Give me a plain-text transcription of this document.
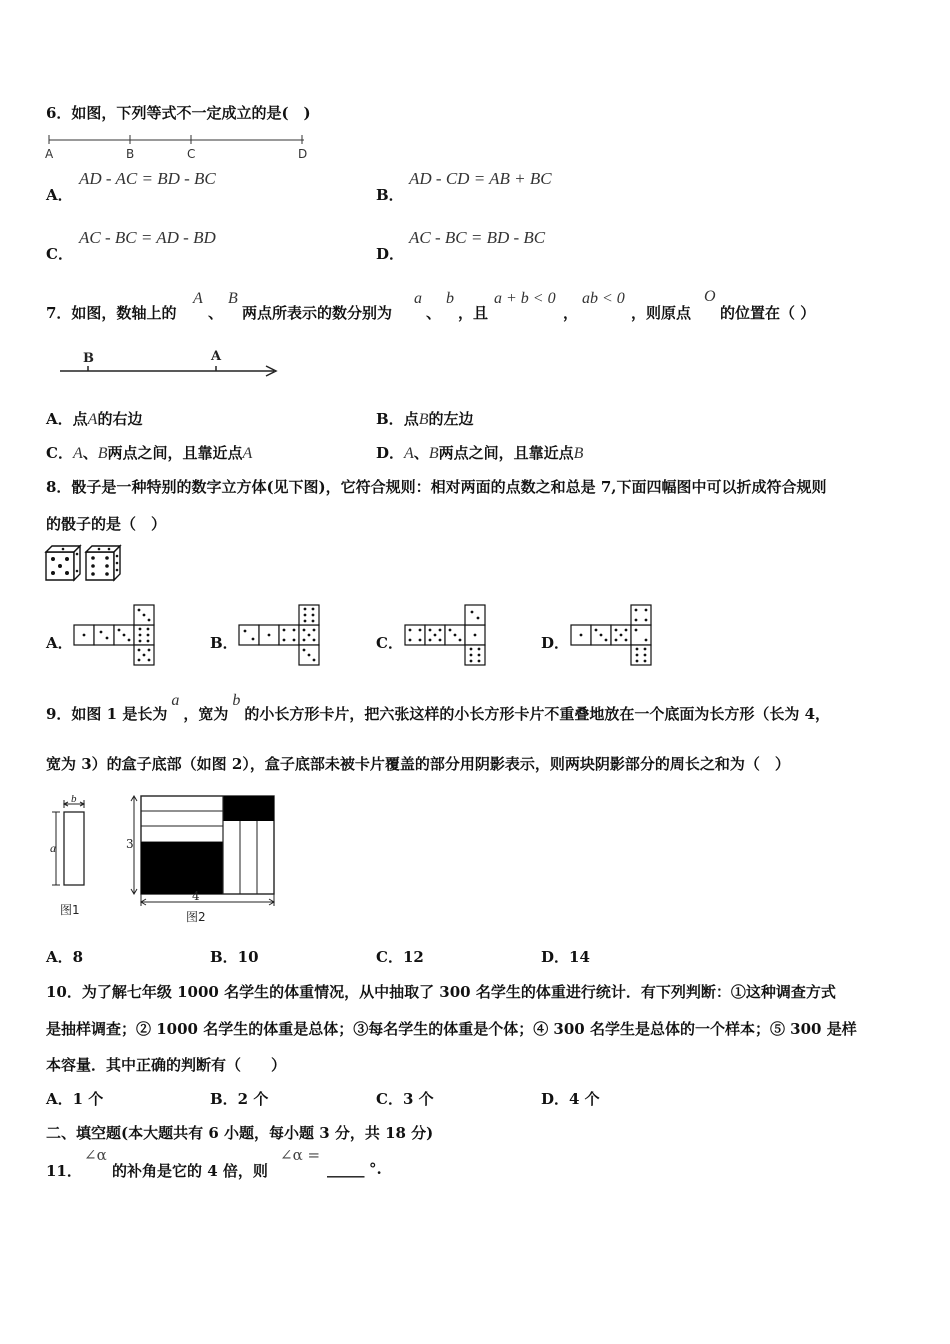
6．如图，下列等式不一定成立的是(　)
A	B	C	D
A．
AD - AC = BD - BC
B．
AD - CD = AB + BC
C．
AC - BC = AD - BD
D．
AC - BC = BD - BC
7．如图，数轴上的
A
、
B
两点所表示的数分别为
a
、
b
，且
a + b < 0
，
ab < 0
，则原点
O
的位置在（ ）
B	A
A．点A的右边	B．点B的左边
C．A、B两点之间，且靠近点A	D．A、B两点之间，且靠近点B
8．骰子是一种特别的数字立方体(见下图)，它符合规则：相对两面的点数之和总是 7,下面四幅图中可以折成符合规则
的骰子的是（　）
A．	B．	C．	D．
9．如图 1 是长为a，宽为b的小长方形卡片，把六张这样的小长方形卡片不重叠地放在一个底面为长方形（长为 4，
宽为 3）的盒子底部（如图 2），盒子底部未被卡片覆盖的部分用阴影表示，则两块阴影部分的周长之和为（　）
b
a
图1
3
4
图2
A．8	B．10	C．12	D．14
10．为了解七年级 1000 名学生的体重情况，从中抽取了 300 名学生的体重进行统计．有下列判断：①这种调查方式
是抽样调查；② 1000 名学生的体重是总体；③每名学生的体重是个体；④ 300 名学生是总体的一个样本；⑤ 300 是样
本容量．其中正确的判断有（　　）
A．1 个	B．2 个	C．3 个	D．4 个
二、填空题(本大题共有 6 小题，每小题 3 分，共 18 分)
11．
∠α
的补角是它的 4 倍，则
∠α =
_____ °.
